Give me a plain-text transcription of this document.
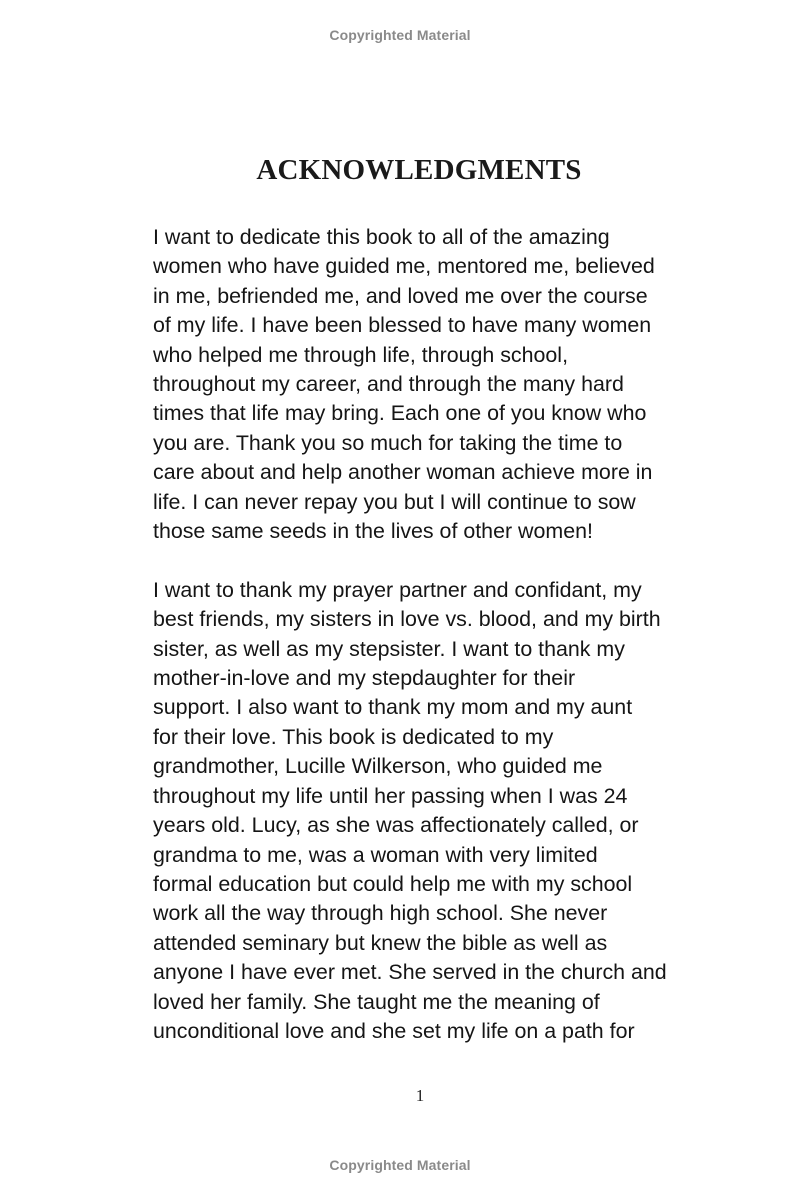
Copyrighted Material
ACKNOWLEDGMENTS

I want to dedicate this book to all of the amazing
women who have guided me, mentored me, believed
in me, befriended me, and loved me over the course
of my life. I have been blessed to have many women
who helped me through life, through school,
throughout my career, and through the many hard
times that life may bring. Each one of you know who
you are. Thank you so much for taking the time to
care about and help another woman achieve more in
life. I can never repay you but I will continue to sow
those same seeds in the lives of other women!

I want to thank my prayer partner and confidant, my
best friends, my sisters in love vs. blood, and my birth
sister, as well as my stepsister. I want to thank my
mother-in-love and my stepdaughter for their
support. I also want to thank my mom and my aunt
for their love. This book is dedicated to my
grandmother, Lucille Wilkerson, who guided me
throughout my life until her passing when I was 24
years old. Lucy, as she was affectionately called, or
grandma to me, was a woman with very limited
formal education but could help me with my school
work all the way through high school. She never
attended seminary but knew the bible as well as
anyone I have ever met. She served in the church and
loved her family. She taught me the meaning of
unconditional love and she set my life on a path for

1
Copyrighted Material
